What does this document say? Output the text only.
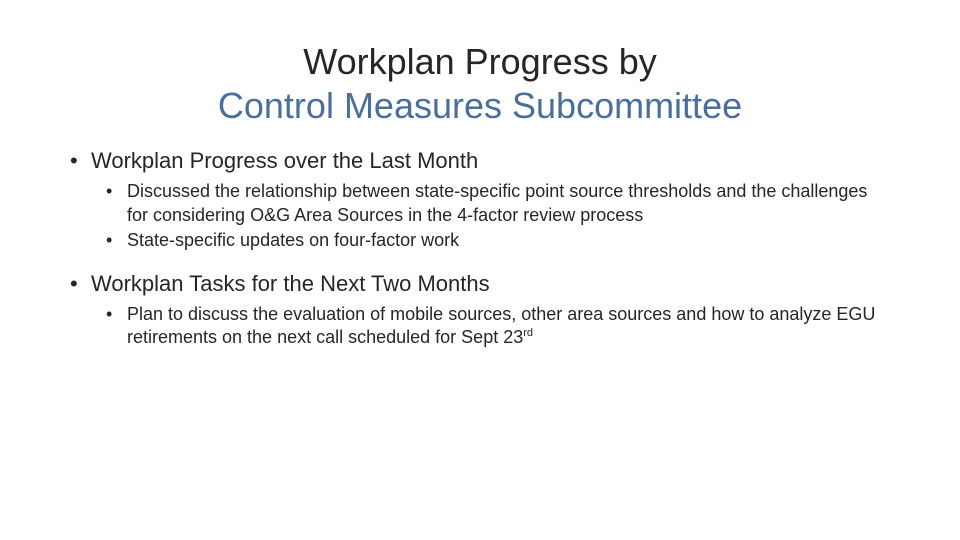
Workplan Progress by
Control Measures Subcommittee

• Workplan Progress over the Last Month

• Discussed the relationship between state-specific point source thresholds and the challenges for considering O&G Area Sources in the 4-factor review process
• State-specific updates on four-factor work

• Workplan Tasks for the Next Two Months

• Plan to discuss the evaluation of mobile sources, other area sources and how to analyze EGU retirements on the next call scheduled for Sept 23rd
